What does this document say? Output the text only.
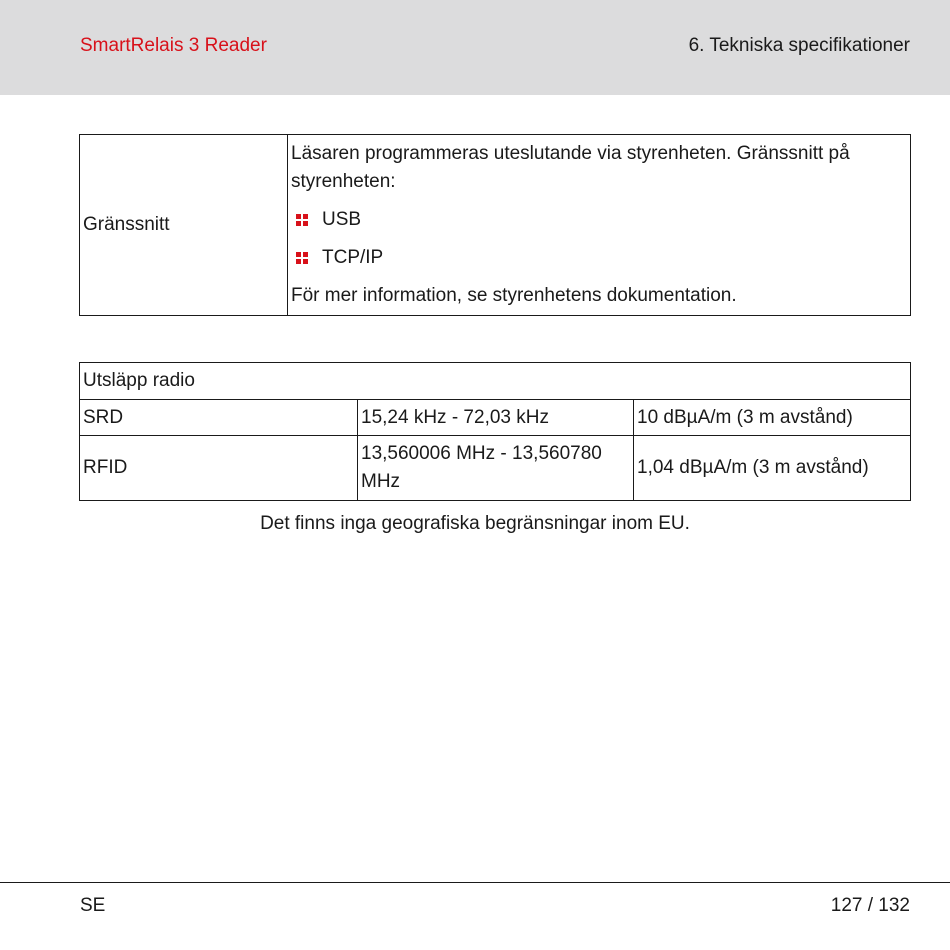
SmartRelais 3 Reader	6. Tekniska specifikationer
Gränssnitt	
Läsaren programmeras uteslutande via styrenheten. Gränssnitt på styrenheten:
USB
TCP/IP
För mer information, se styrenhetens dokumentation.
Utsläpp radio		
SRD	15,24 kHz - 72,03 kHz	10 dBµA/m (3 m avstånd)
RFID	13,560006 MHz - 13,560780 MHz	1,04 dBµA/m (3 m avstånd)
Det finns inga geografiska begränsningar inom EU.
SE	127 / 132
